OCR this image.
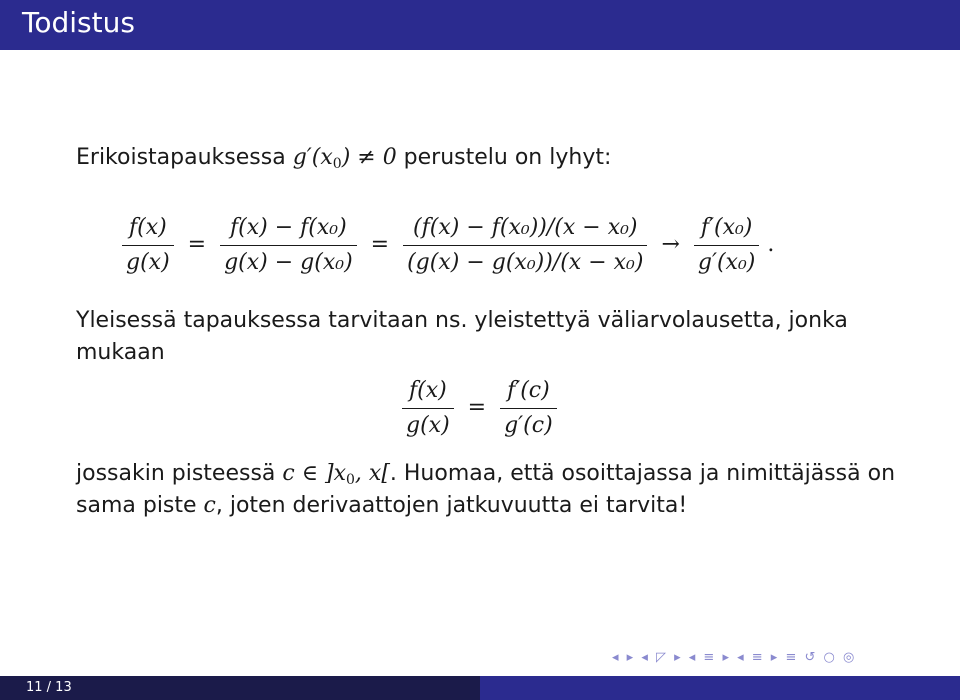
Todistus
Erikoistapauksessa $g'(x_0) \ne 0$ perustelu on lyhyt:
$\frac{f(x)}{g(x)} = \frac{\text{f(x) − f(x₀)}}{\text{g(x) − g(x₀)}} = \frac{\text{(f(x) − f(x₀))/(x − x₀)}}{\text{(g(x) − g(x₀))/(x − x₀)}} \to \frac{\text{f′(x₀)}}{\text{g′(x₀)}}$ .
Yleisessä tapauksessa tarvitaan ns. yleistettyä väliarvolausetta, jonka mukaan
$\frac{f(x)}{g(x)} = \frac{f'(c)}{g'(c)}$
jossakin pisteessä c ∈ ]$x_0$, x[. Huomaa, että osoittajassa ja nimittäjässä on sama piste c, joten derivaattojen jatkuvuutta ei tarvita!
◂ ▸ ◂ ◸ ▸ ◂ ≡ ▸ ◂ ≡ ▸ ≡ ↺ ○ ◎
11 / 13
